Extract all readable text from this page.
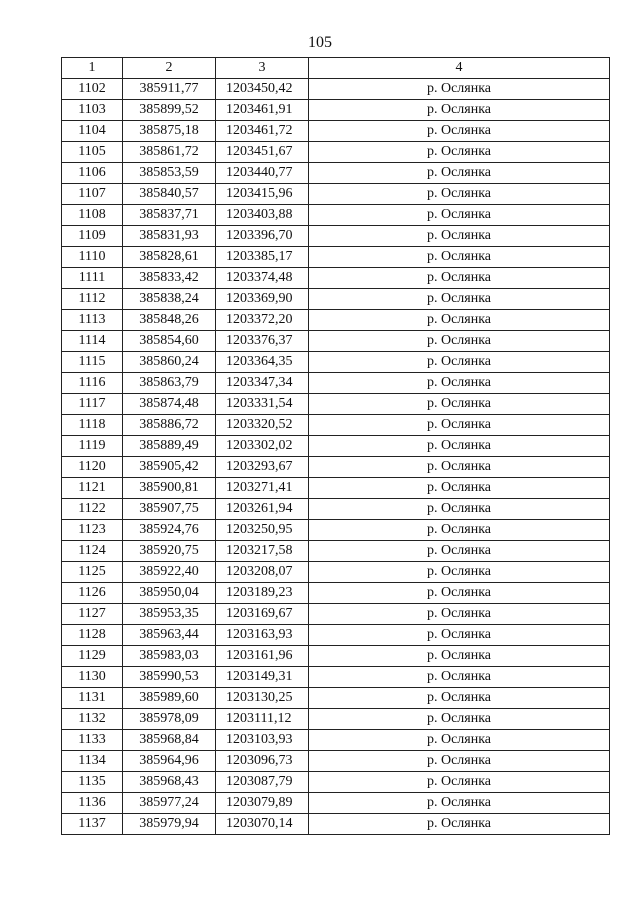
105
1	2	3	4
1102	385911,77	1203450,42	р. Ослянка
1103	385899,52	1203461,91	р. Ослянка
1104	385875,18	1203461,72	р. Ослянка
1105	385861,72	1203451,67	р. Ослянка
1106	385853,59	1203440,77	р. Ослянка
1107	385840,57	1203415,96	р. Ослянка
1108	385837,71	1203403,88	р. Ослянка
1109	385831,93	1203396,70	р. Ослянка
1110	385828,61	1203385,17	р. Ослянка
1111	385833,42	1203374,48	р. Ослянка
1112	385838,24	1203369,90	р. Ослянка
1113	385848,26	1203372,20	р. Ослянка
1114	385854,60	1203376,37	р. Ослянка
1115	385860,24	1203364,35	р. Ослянка
1116	385863,79	1203347,34	р. Ослянка
1117	385874,48	1203331,54	р. Ослянка
1118	385886,72	1203320,52	р. Ослянка
1119	385889,49	1203302,02	р. Ослянка
1120	385905,42	1203293,67	р. Ослянка
1121	385900,81	1203271,41	р. Ослянка
1122	385907,75	1203261,94	р. Ослянка
1123	385924,76	1203250,95	р. Ослянка
1124	385920,75	1203217,58	р. Ослянка
1125	385922,40	1203208,07	р. Ослянка
1126	385950,04	1203189,23	р. Ослянка
1127	385953,35	1203169,67	р. Ослянка
1128	385963,44	1203163,93	р. Ослянка
1129	385983,03	1203161,96	р. Ослянка
1130	385990,53	1203149,31	р. Ослянка
1131	385989,60	1203130,25	р. Ослянка
1132	385978,09	1203111,12	р. Ослянка
1133	385968,84	1203103,93	р. Ослянка
1134	385964,96	1203096,73	р. Ослянка
1135	385968,43	1203087,79	р. Ослянка
1136	385977,24	1203079,89	р. Ослянка
1137	385979,94	1203070,14	р. Ослянка
